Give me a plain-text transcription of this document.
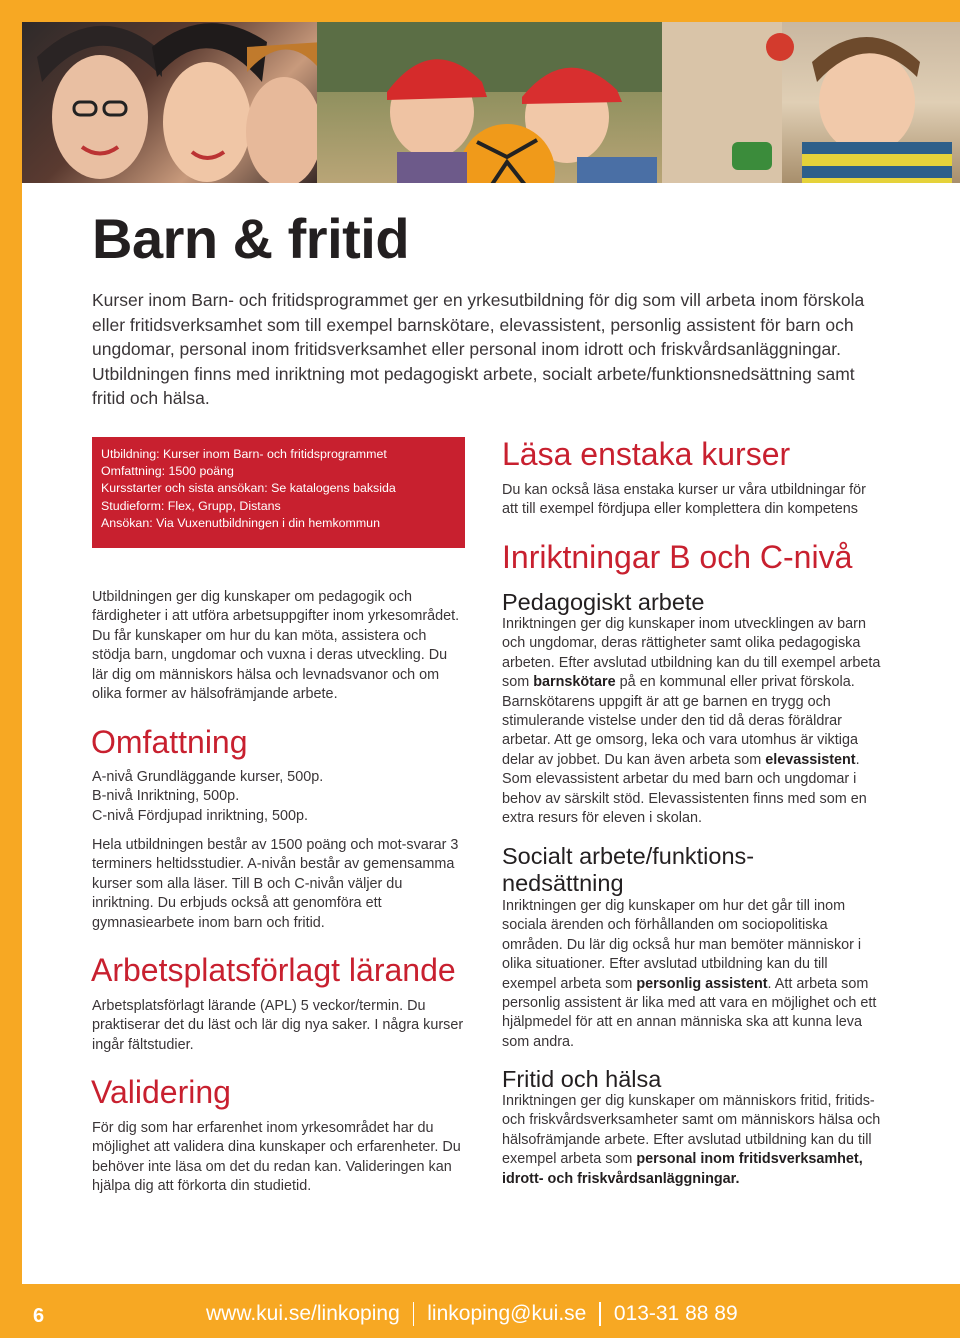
Barn & fritid

Kurser inom Barn- och fritidsprogrammet ger en yrkesutbildning för dig som vill arbeta inom förskola eller fritidsverksamhet som till exempel barnskötare, elevassistent, personlig assistent för barn och ungdomar, personal inom fritidsverksamhet eller personal inom idrott och friskvårdsanläggningar. Utbildningen finns med inriktning mot pedagogiskt arbete, socialt arbete/funktionsnedsättning samt fritid och hälsa.

Utbildning: Kurser inom Barn- och fritidsprogrammet
Omfattning: 1500 poäng
Kursstarter och sista ansökan: Se katalogens baksida
Studieform: Flex, Grupp, Distans
Ansökan: Via Vuxenutbildningen i din hemkommun

Utbildningen ger dig kunskaper om pedagogik och färdigheter i att utföra arbetsuppgifter inom yrkesområdet. Du får kunskaper om hur du kan möta, assistera och stödja barn, ungdomar och vuxna i deras utveckling. Du lär dig om människors hälsa och levnadsvanor och om olika former av hälsofrämjande arbete.

Omfattning
A-nivå Grundläggande kurser, 500p.
B-nivå Inriktning, 500p.
C-nivå Fördjupad inriktning, 500p.

Hela utbildningen består av 1500 poäng och mot-svarar 3 terminers heltidsstudier. A-nivån består av gemensamma kurser som alla läser. Till B och C-nivån väljer du inriktning. Du erbjuds också att genomföra ett gymnasiearbete inom barn och fritid.

Arbetsplatsförlagt lärande

Arbetsplatsförlagt lärande (APL) 5 veckor/termin. Du praktiserar det du läst och lär dig nya saker. I några kurser ingår fältstudier.

Validering

För dig som har erfarenhet inom yrkesområdet har du möjlighet att validera dina kunskaper och erfarenheter. Du behöver inte läsa om det du redan kan. Valideringen kan hjälpa dig att förkorta din studietid.

Läsa enstaka kurser

Du kan också läsa enstaka kurser ur våra utbildningar för att till exempel fördjupa eller komplettera din kompetens

Inriktningar B och C-nivå
Pedagogiskt arbete

Inriktningen ger dig kunskaper inom utvecklingen av barn och ungdomar, deras rättigheter samt olika pedagogiska arbeten. Efter avslutad utbildning kan du till exempel arbeta som barnskötare på en kommunal eller privat förskola. Barnskötarens uppgift är att ge barnen en trygg och stimulerande vistelse under den tid då deras föräldrar arbetar. Att ge omsorg, leka och vara utomhus är viktiga delar av jobbet. Du kan även arbeta som elevassistent. Som elevassistent arbetar du med barn och ungdomar i behov av särskilt stöd. Elevassistenten finns med som en extra resurs för eleven i skolan.

Socialt arbete/funktions-nedsättning

Inriktningen ger dig kunskaper om hur det går till inom sociala ärenden och förhållanden om sociopolitiska områden. Du lär dig också hur man bemöter människor i olika situationer. Efter avslutad utbildning kan du till exempel arbeta som personlig assistent. Att arbeta som personlig assistent är lika med att vara en möjlighet och ett hjälpmedel för att en annan människa ska att kunna leva som andra.

Fritid och hälsa

Inriktningen ger dig kunskaper om människors fritid, fritids- och friskvårdsverksamheter samt om människors hälsa och hälsofrämjande arbete. Efter avslutad utbildning kan du till exempel arbeta som personal inom fritidsverksamhet, idrott- och friskvårdsanläggningar.

6	www.kui.se/linkoping linkoping@kui.se 013-31 88 89
